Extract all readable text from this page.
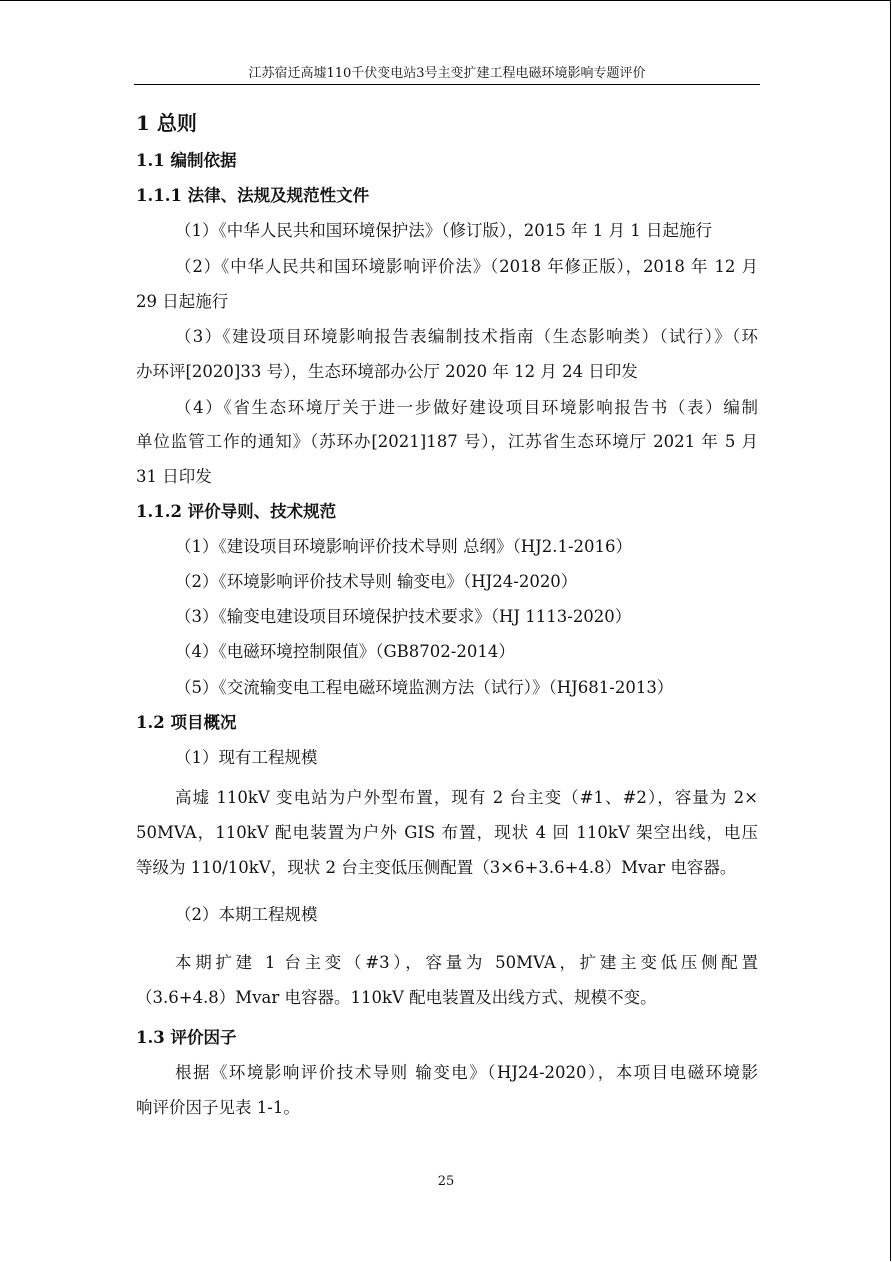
江苏宿迁高墟110千伏变电站3号主变扩建工程电磁环境影响专题评价
1 总则
1.1 编制依据
1.1.1 法律、法规及规范性文件
（1）《中华人民共和国环境保护法》（修订版），2015 年 1 月 1 日起施行
（2）《中华人民共和国环境影响评价法》（2018 年修正版），2018 年 12 月
29 日起施行
（3）《建设项目环境影响报告表编制技术指南（生态影响类）（试行）》（环
办环评[2020]33 号），生态环境部办公厅 2020 年 12 月 24 日印发
（4）《省生态环境厅关于进一步做好建设项目环境影响报告书（表）编制
单位监管工作的通知》（苏环办[2021]187 号），江苏省生态环境厅 2021 年 5 月
31 日印发
1.1.2 评价导则、技术规范
（1）《建设项目环境影响评价技术导则 总纲》（HJ2.1-2016）
（2）《环境影响评价技术导则 输变电》（HJ24-2020）
（3）《输变电建设项目环境保护技术要求》（HJ 1113-2020）
（4）《电磁环境控制限值》（GB8702-2014）
（5）《交流输变电工程电磁环境监测方法（试行）》（HJ681-2013）
1.2 项目概况
（1）现有工程规模
高墟 110kV 变电站为户外型布置，现有 2 台主变（#1、#2），容量为 2×
50MVA，110kV 配电装置为户外 GIS 布置，现状 4 回 110kV 架空出线，电压
等级为 110/10kV，现状 2 台主变低压侧配置（3×6+3.6+4.8）Mvar 电容器。
（2）本期工程规模
本期扩建 1 台主变（#3），容量为 50MVA，扩建主变低压侧配置
（3.6+4.8）Mvar 电容器。110kV 配电装置及出线方式、规模不变。
1.3 评价因子
根据《环境影响评价技术导则 输变电》（HJ24-2020），本项目电磁环境影
响评价因子见表 1-1。
25
